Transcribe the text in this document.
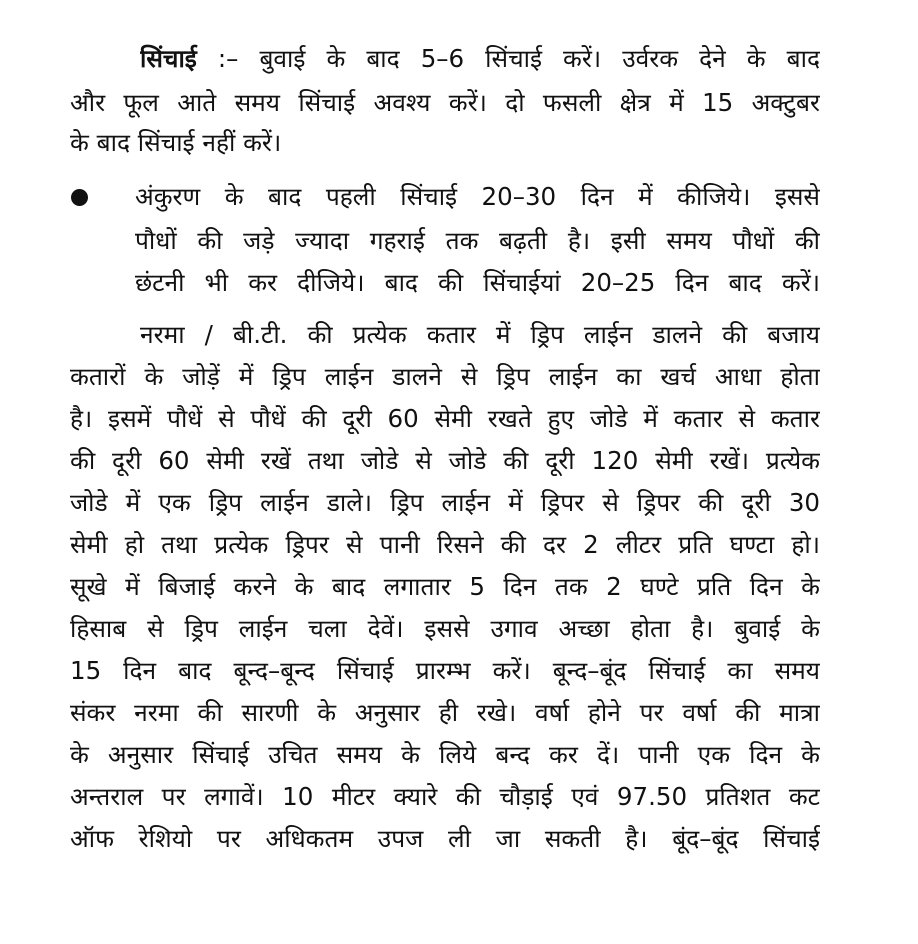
सिंचाई :– बुवाई के बाद 5–6 सिंचाई करें। उर्वरक देने के बाद
और फूल आते समय सिंचाई अवश्य करें। दो फसली क्षेत्र में 15 अक्टुबर
के बाद सिंचाई नहीं करें।
अंकुरण के बाद पहली सिंचाई 20–30 दिन में कीजिये। इससे
पौधों की जड़े ज्यादा गहराई तक बढ़ती है। इसी समय पौधों की
छंटनी भी कर दीजिये। बाद की सिंचाईयां 20–25 दिन बाद करें।
नरमा / बी.टी. की प्रत्येक कतार में ड्रिप लाईन डालने की बजाय
कतारों के जोड़ें में ड्रिप लाईन डालने से ड्रिप लाईन का खर्च आधा होता
है। इसमें पौधें से पौधें की दूरी 60 सेमी रखते हुए जोडे में कतार से कतार
की दूरी 60 सेमी रखें तथा जोडे से जोडे की दूरी 120 सेमी रखें। प्रत्येक
जोडे में एक ड्रिप लाईन डाले। ड्रिप लाईन में ड्रिपर से ड्रिपर की दूरी 30
सेमी हो तथा प्रत्येक ड्रिपर से पानी रिसने की दर 2 लीटर प्रति घण्टा हो।
सूखे में बिजाई करने के बाद लगातार 5 दिन तक 2 घण्टे प्रति दिन के
हिसाब से ड्रिप लाईन चला देवें। इससे उगाव अच्छा होता है। बुवाई के
15 दिन बाद बून्द–बून्द सिंचाई प्रारम्भ करें। बून्द–बूंद सिंचाई का समय
संकर नरमा की सारणी के अनुसार ही रखे। वर्षा होने पर वर्षा की मात्रा
के अनुसार सिंचाई उचित समय के लिये बन्द कर दें। पानी एक दिन के
अन्तराल पर लगावें। 10 मीटर क्यारे की चौड़ाई एवं 97.50 प्रतिशत कट
ऑफ रेशियो पर अधिकतम उपज ली जा सकती है। बूंद–बूंद सिंचाई
